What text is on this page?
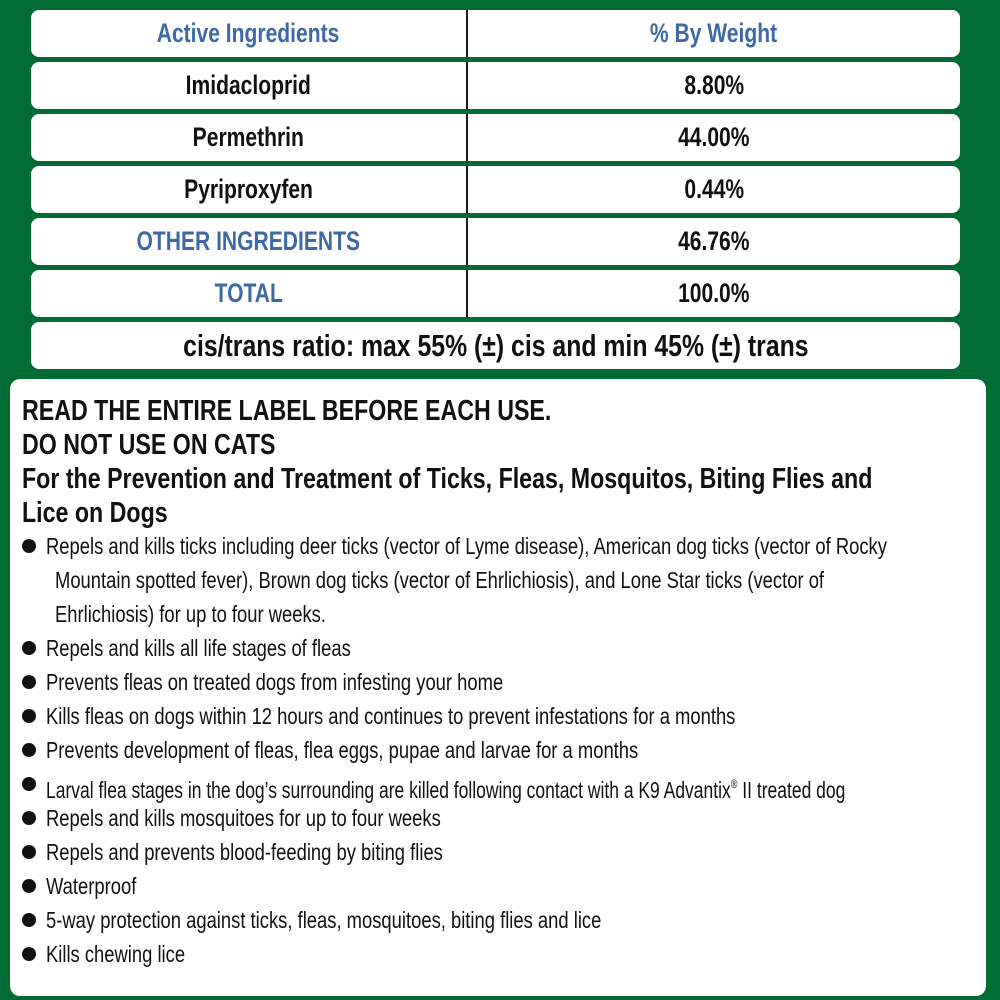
Active Ingredients	% By Weight
Imidacloprid	8.80%
Permethrin	44.00%
Pyriproxyfen	0.44%
OTHER INGREDIENTS	46.76%
TOTAL	100.0%
cis/trans ratio: max 55% (±) cis and min 45% (±) trans
READ THE ENTIRE LABEL BEFORE EACH USE.
DO NOT USE ON CATS
For the Prevention and Treatment of Ticks, Fleas, Mosquitos, Biting Flies and
Lice on Dogs
Repels and kills ticks including deer ticks (vector of Lyme disease), American dog ticks (vector of Rocky
Mountain spotted fever), Brown dog ticks (vector of Ehrlichiosis), and Lone Star ticks (vector of
Ehrlichiosis) for up to four weeks.
Repels and kills all life stages of fleas
Prevents fleas on treated dogs from infesting your home
Kills fleas on dogs within 12 hours and continues to prevent infestations for a months
Prevents development of fleas, flea eggs, pupae and larvae for a months
Larval flea stages in the dog’s surrounding are killed following contact with a K9 Advantix® II treated dog
Repels and kills mosquitoes for up to four weeks
Repels and prevents blood-feeding by biting flies
Waterproof
5-way protection against ticks, fleas, mosquitoes, biting flies and lice
Kills chewing lice
